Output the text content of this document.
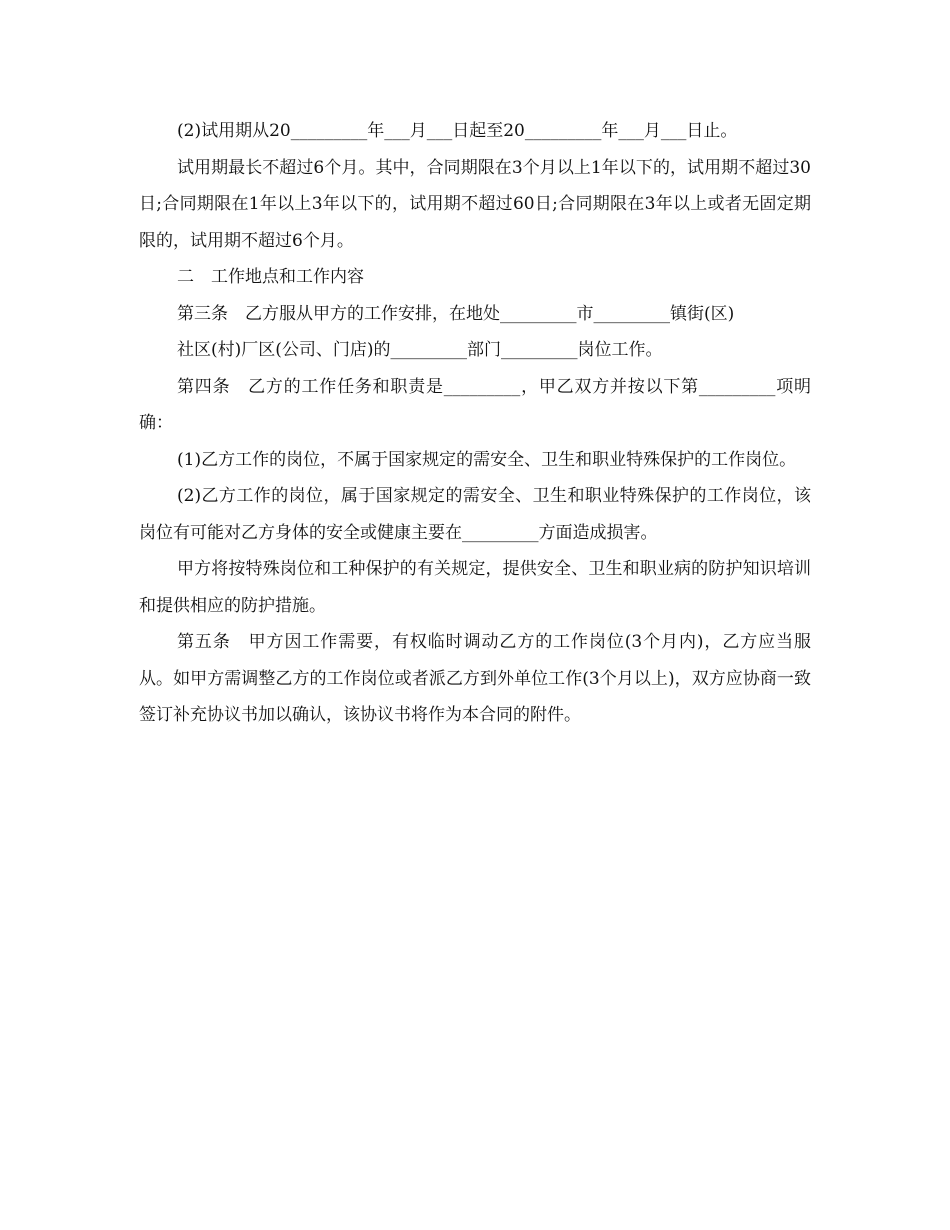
(2)试用期从20_________年___月___日起至20_________年___月___日止。

试用期最长不超过6个月。其中，合同期限在3个月以上1年以下的，试用期不超过30日;合同期限在1年以上3年以下的，试用期不超过60日;合同期限在3年以上或者无固定期限的，试用期不超过6个月。

二　工作地点和工作内容

第三条　乙方服从甲方的工作安排，在地处_________市_________镇街(区)

社区(村)厂区(公司、门店)的_________部门_________岗位工作。

第四条　乙方的工作任务和职责是_________，甲乙双方并按以下第_________项明确：

(1)乙方工作的岗位，不属于国家规定的需安全、卫生和职业特殊保护的工作岗位。

(2)乙方工作的岗位，属于国家规定的需安全、卫生和职业特殊保护的工作岗位，该岗位有可能对乙方身体的安全或健康主要在_________方面造成损害。

甲方将按特殊岗位和工种保护的有关规定，提供安全、卫生和职业病的防护知识培训和提供相应的防护措施。

第五条　甲方因工作需要，有权临时调动乙方的工作岗位(3个月内)，乙方应当服从。如甲方需调整乙方的工作岗位或者派乙方到外单位工作(3个月以上)，双方应协商一致签订补充协议书加以确认，该协议书将作为本合同的附件。
